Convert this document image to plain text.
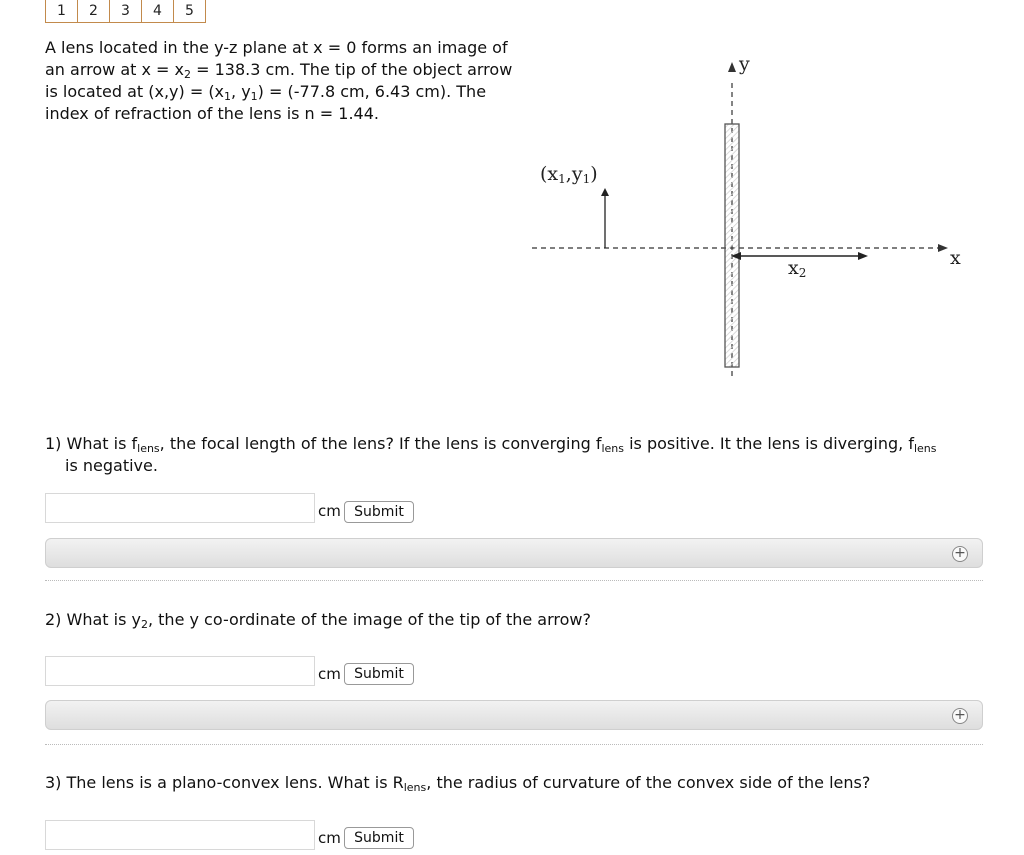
1	2	3	4	5
A lens located in the y-z plane at x = 0 forms an image of an arrow at $x = x_2 = 138.3$ cm. The tip of the object arrow is located at $(x,y) = (x_1$, $y_1) = (-77.8$ cm, 6.43 cm). The index of refraction of the lens is n = 1.44.
$(x_1,y_1)$
y
x
$x_2$
1) What is $f_{lens}$, the focal length of the lens? If the lens is converging $f_{lens}$ is positive. It the lens is diverging, $f_{lens}$
is negative.
cm Submit
+
2) What is $y_2$, the y co-ordinate of the image of the tip of the arrow?
cm Submit
+
3) The lens is a plano-convex lens. What is $R_{lens}$, the radius of curvature of the convex side of the lens?
cm Submit
